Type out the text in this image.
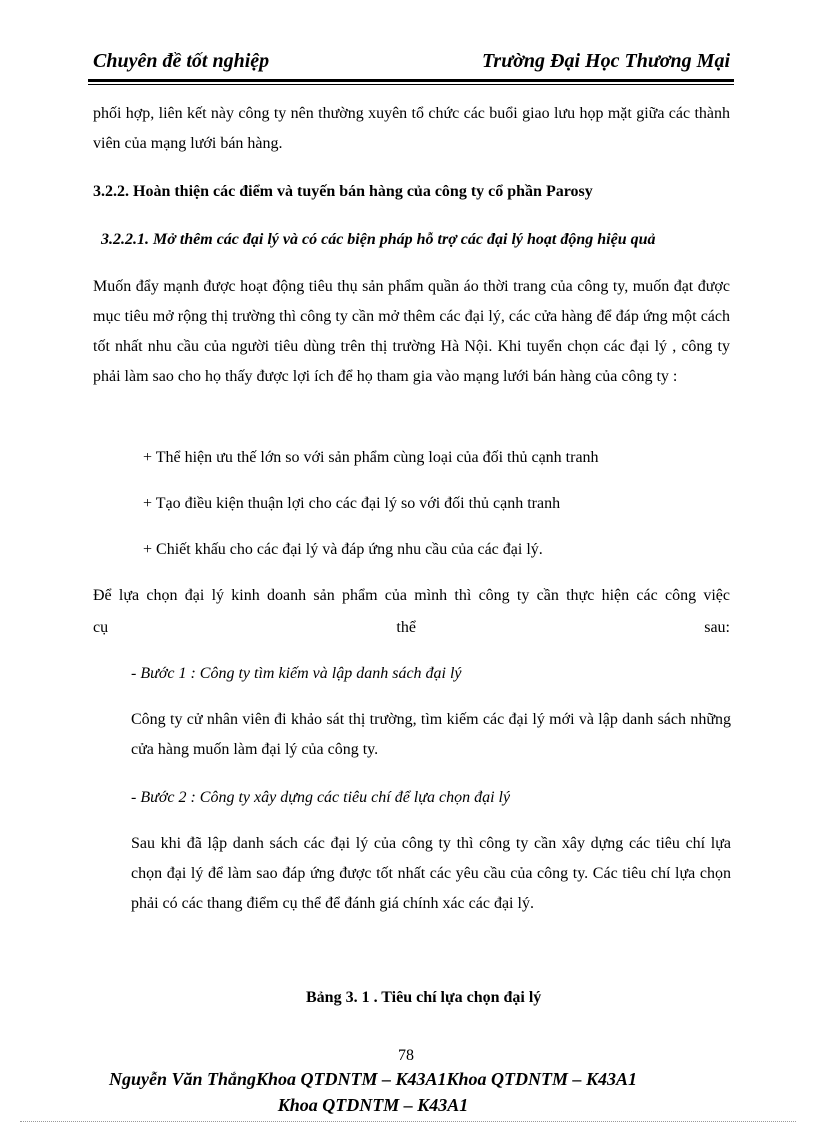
Chuyên đề tốt nghiệp	Trường Đại Học Thương Mại

phối hợp, liên kết này công ty nên thường xuyên tổ chức các buổi giao lưu họp mặt giữa các thành viên của mạng lưới bán hàng.

3.2.2. Hoàn thiện các điểm và tuyến bán hàng của công ty cổ phần Parosy

3.2.2.1. Mở thêm các đại lý và có các biện pháp hỗ trợ các đại lý hoạt động hiệu quả

Muốn đẩy mạnh được hoạt động tiêu thụ sản phẩm quần áo thời trang của công ty, muốn đạt được mục tiêu mở rộng thị trường thì công ty cần mở thêm các đại lý, các cửa hàng để đáp ứng một cách tốt nhất nhu cầu của người tiêu dùng trên thị trường Hà Nội. Khi tuyển chọn các đại lý , công ty phải làm sao cho họ thấy được lợi ích để họ tham gia vào mạng lưới bán hàng của công ty :

+ Thể hiện ưu thế lớn so với sản phẩm cùng loại của đối thủ cạnh tranh

+ Tạo điều kiện thuận lợi cho các đại lý so với đối thủ cạnh tranh

+ Chiết khấu cho các đại lý và đáp ứng nhu cầu của các đại lý.

Để lựa chọn đại lý kinh doanh sản phẩm của mình thì công ty cần thực hiện các công việc

cụ thể sau:

- Bước 1 : Công ty tìm kiếm và lập danh sách đại lý

Công ty cử nhân viên đi khảo sát thị trường, tìm kiếm các đại lý mới và lập danh sách những cửa hàng muốn làm đại lý của công ty.

- Bước 2 : Công ty xây dựng các tiêu chí để lựa chọn đại lý

Sau khi đã lập danh sách các đại lý của công ty thì công ty cần xây dựng các tiêu chí lựa chọn đại lý để làm sao đáp ứng được tốt nhất các yêu cầu của công ty. Các tiêu chí lựa chọn phải có các thang điểm cụ thể để đánh giá chính xác các đại lý.

Bảng 3. 1 . Tiêu chí lựa chọn đại lý

78
Nguyễn Văn ThắngKhoa QTDNTM – K43A1Khoa QTDNTM – K43A1
Khoa QTDNTM – K43A1
